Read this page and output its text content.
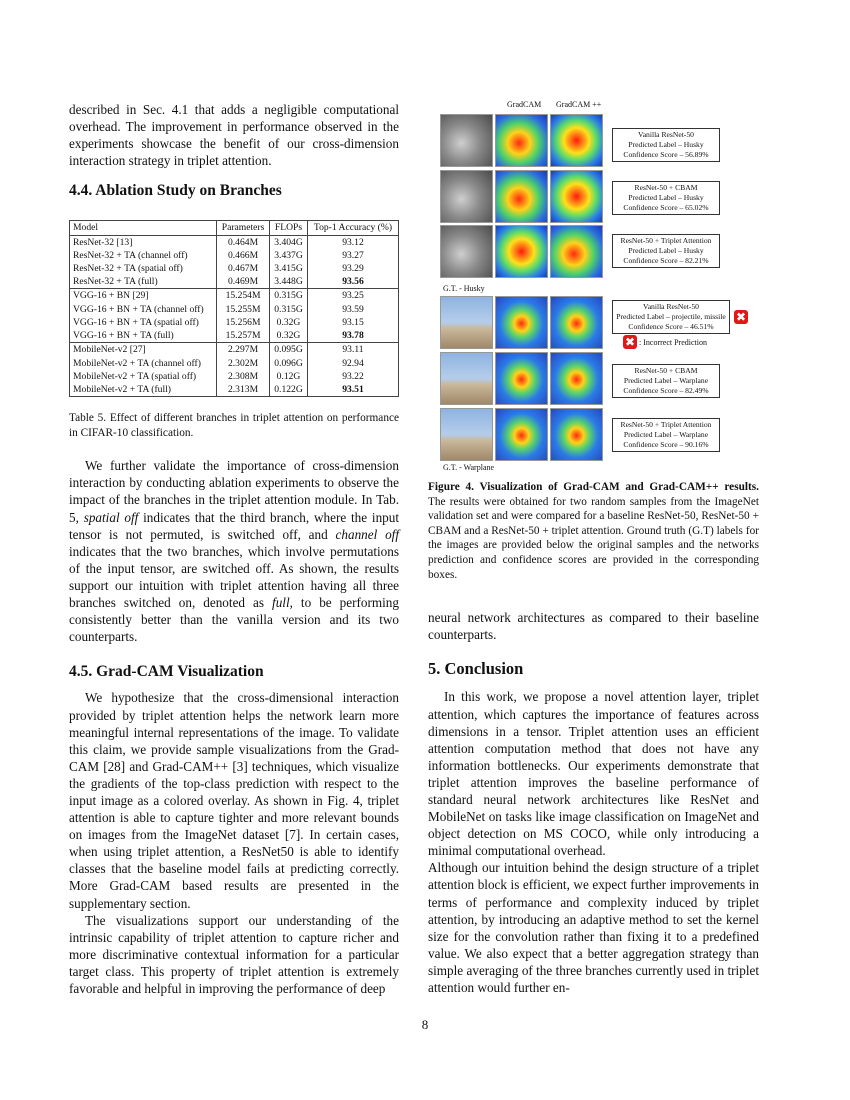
described in Sec. 4.1 that adds a negligible computational overhead. The improvement in performance observed in the experiments showcase the benefit of our cross-dimension interaction strategy in triplet attention.

4.4. Ablation Study on Branches
Model	Parameters	FLOPs	Top-1 Accuracy (%)
ResNet-32 [13]	0.464M	3.404G	93.12
ResNet-32 + TA (channel off)	0.466M	3.437G	93.27
ResNet-32 + TA (spatial off)	0.467M	3.415G	93.29
ResNet-32 + TA (full)	0.469M	3.448G	93.56
VGG-16 + BN [29]	15.254M	0.315G	93.25
VGG-16 + BN + TA (channel off)	15.255M	0.315G	93.59
VGG-16 + BN + TA (spatial off)	15.256M	0.32G	93.15
VGG-16 + BN + TA (full)	15.257M	0.32G	93.78
MobileNet-v2 [27]	2.297M	0.095G	93.11
MobileNet-v2 + TA (channel off)	2.302M	0.096G	92.94
MobileNet-v2 + TA (spatial off)	2.308M	0.12G	93.22
MobileNet-v2 + TA (full)	2.313M	0.122G	93.51

Table 5. Effect of different branches in triplet attention on performance in CIFAR-10 classification.

We further validate the importance of cross-dimension interaction by conducting ablation experiments to observe the impact of the branches in the triplet attention module. In Tab. 5, spatial off indicates that the third branch, where the input tensor is not permuted, is switched off, and channel off indicates that the two branches, which involve permutations of the input tensor, are switched off. As shown, the results support our intuition with triplet attention having all three branches switched on, denoted as full, to be performing consistently better than the vanilla version and its two counterparts.

4.5. Grad-CAM Visualization

We hypothesize that the cross-dimensional interaction provided by triplet attention helps the network learn more meaningful internal representations of the image. To validate this claim, we provide sample visualizations from the Grad-CAM [28] and Grad-CAM++ [3] techniques, which visualize the gradients of the top-class prediction with respect to the input image as a colored overlay. As shown in Fig. 4, triplet attention is able to capture tighter and more relevant bounds on images from the ImageNet dataset [7]. In certain cases, when using triplet attention, a ResNet50 is able to identify classes that the baseline model fails at predicting correctly. More Grad-CAM based results are presented in the supplementary section.

The visualizations support our understanding of the intrinsic capability of triplet attention to capture richer and more discriminative contextual information for a particular target class. This property of triplet attention is extremely favorable and helpful in improving the performance of deep

GradCAM GradCAM ++
G.T. - Husky
G.T. - Warplane
Vanilla ResNet-50
Predicted Label – Husky
Confidence Score – 56.89%
ResNet-50 + CBAM
Predicted Label – Husky
Confidence Score – 65.02%
ResNet-50 + Triplet Attention
Predicted Label – Husky
Confidence Score – 82.21%
Vanilla ResNet-50
Predicted Label – projectile, missile
Confidence Score – 46.51%
✖
✖ : Incorrect Prediction
ResNet-50 + CBAM
Predicted Label – Warplane
Confidence Score – 82.49%
ResNet-50 + Triplet Attention
Predicted Label – Warplane
Confidence Score – 90.16%

Figure 4. Visualization of Grad-CAM and Grad-CAM++ results. The results were obtained for two random samples from the ImageNet validation set and were compared for a baseline ResNet-50, ResNet-50 + CBAM and a ResNet-50 + triplet attention. Ground truth (G.T) labels for the images are provided below the original samples and the networks prediction and confidence scores are provided in the corresponding boxes.

neural network architectures as compared to their baseline counterparts.

5. Conclusion

In this work, we propose a novel attention layer, triplet attention, which captures the importance of features across dimensions in a tensor. Triplet attention uses an efficient attention computation method that does not have any information bottlenecks. Our experiments demonstrate that triplet attention improves the baseline performance of standard neural network architectures like ResNet and MobileNet on tasks like image classification on ImageNet and object detection on MS COCO, while only introducing a minimal computational overhead.

Although our intuition behind the design structure of a triplet attention block is efficient, we expect further improvements in terms of performance and complexity induced by triplet attention, by introducing an adaptive method to set the kernel size for the convolution rather than fixing it to a predefined value. We also expect that a better aggregation strategy than simple averaging of the three branches currently used in triplet attention would further en-

8
